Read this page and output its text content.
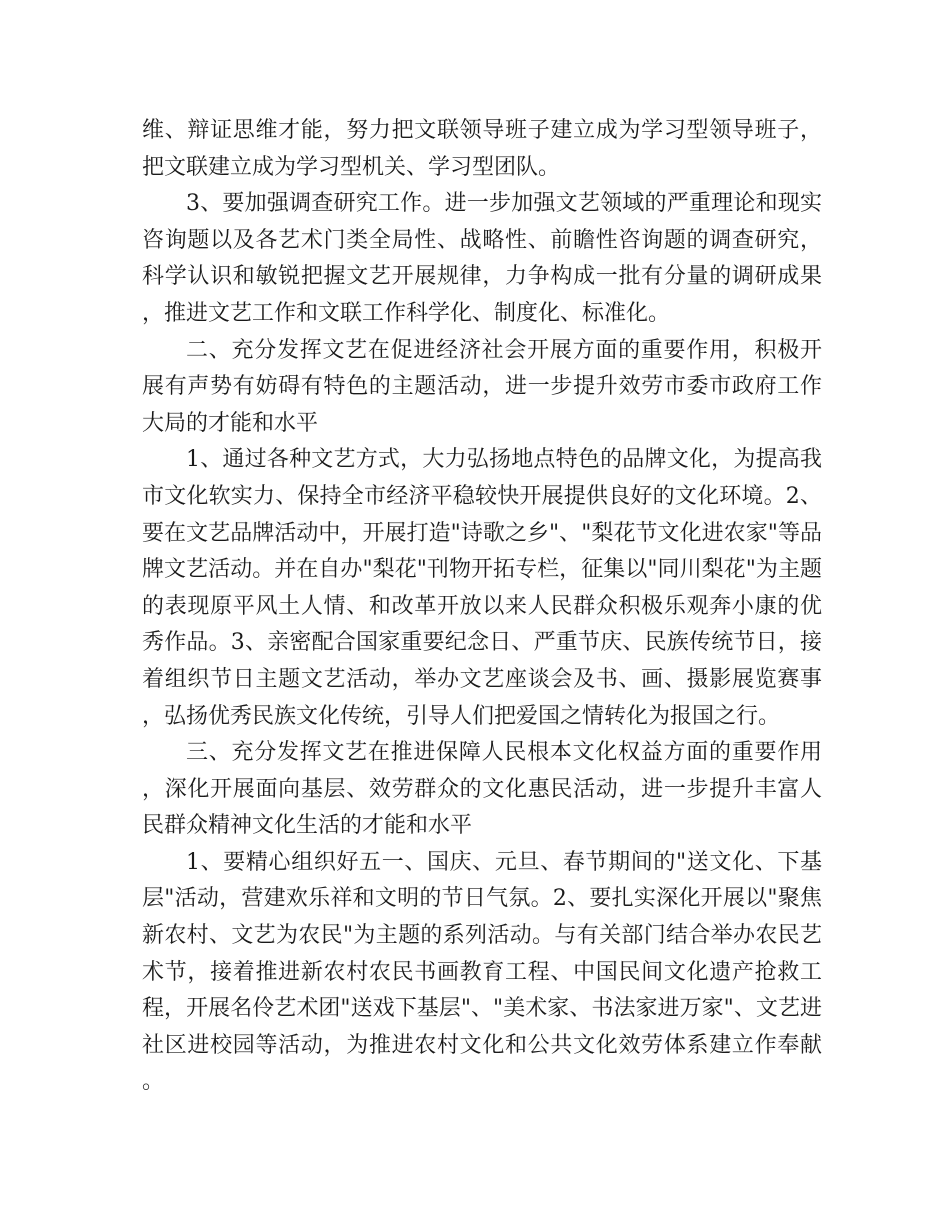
维、辩证思维才能，努力把文联领导班子建立成为学习型领导班子，把文联建立成为学习型机关、学习型团队。

3、要加强调查研究工作。进一步加强文艺领域的严重理论和现实咨询题以及各艺术门类全局性、战略性、前瞻性咨询题的调查研究，科学认识和敏锐把握文艺开展规律，力争构成一批有分量的调研成果，推进文艺工作和文联工作科学化、制度化、标准化。

二、充分发挥文艺在促进经济社会开展方面的重要作用，积极开展有声势有妨碍有特色的主题活动，进一步提升效劳市委市政府工作大局的才能和水平

1、通过各种文艺方式，大力弘扬地点特色的品牌文化，为提高我市文化软实力、保持全市经济平稳较快开展提供良好的文化环境。2、要在文艺品牌活动中，开展打造"诗歌之乡"、"梨花节文化进农家"等品牌文艺活动。并在自办"梨花"刊物开拓专栏，征集以"同川梨花"为主题的表现原平风土人情、和改革开放以来人民群众积极乐观奔小康的优秀作品。3、亲密配合国家重要纪念日、严重节庆、民族传统节日，接着组织节日主题文艺活动，举办文艺座谈会及书、画、摄影展览赛事，弘扬优秀民族文化传统，引导人们把爱国之情转化为报国之行。

三、充分发挥文艺在推进保障人民根本文化权益方面的重要作用，深化开展面向基层、效劳群众的文化惠民活动，进一步提升丰富人民群众精神文化生活的才能和水平

1、要精心组织好五一、国庆、元旦、春节期间的"送文化、下基层"活动，营建欢乐祥和文明的节日气氛。2、要扎实深化开展以"聚焦新农村、文艺为农民"为主题的系列活动。与有关部门结合举办农民艺术节，接着推进新农村农民书画教育工程、中国民间文化遗产抢救工程，开展名伶艺术团"送戏下基层"、"美术家、书法家进万家"、文艺进社区进校园等活动，为推进农村文化和公共文化效劳体系建立作奉献。
